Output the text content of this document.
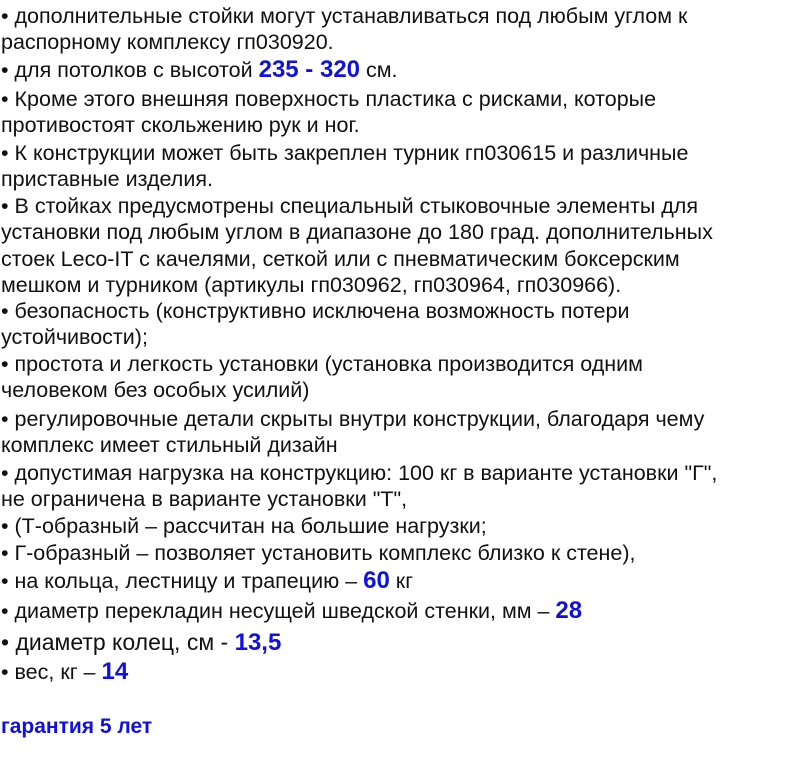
• дополнительные стойки могут устанавливаться под любым углом к
распорному комплексу гп030920.
• для потолков с высотой 235 - 320 см.
• Кроме этого внешняя поверхность пластика с рисками, которые
противостоят скольжению рук и ног.
• К конструкции может быть закреплен турник гп030615 и различные
приставные изделия.
• В стойках предусмотрены специальный стыковочные элементы для
установки под любым углом в диапазоне до 180 град. дополнительных
стоек Leco-IT с качелями, сеткой или с пневматическим боксерским
мешком и турником (артикулы гп030962, гп030964, гп030966).
• безопасность (конструктивно исключена возможность потери
устойчивости);
• простота и легкость установки (установка производится одним
человеком без особых усилий)
• регулировочные детали скрыты внутри конструкции, благодаря чему
комплекс имеет стильный дизайн
• допустимая нагрузка на конструкцию: 100 кг в варианте установки "Г",
не ограничена в варианте установки "Т",
• (Т-образный – рассчитан на большие нагрузки;
• Г-образный – позволяет установить комплекс близко к стене),
• на кольца, лестницу и трапецию – 60 кг
• диаметр перекладин несущей шведской стенки, мм – 28
• диаметр колец, см - 13,5
• вес, кг – 14
гарантия 5 лет
